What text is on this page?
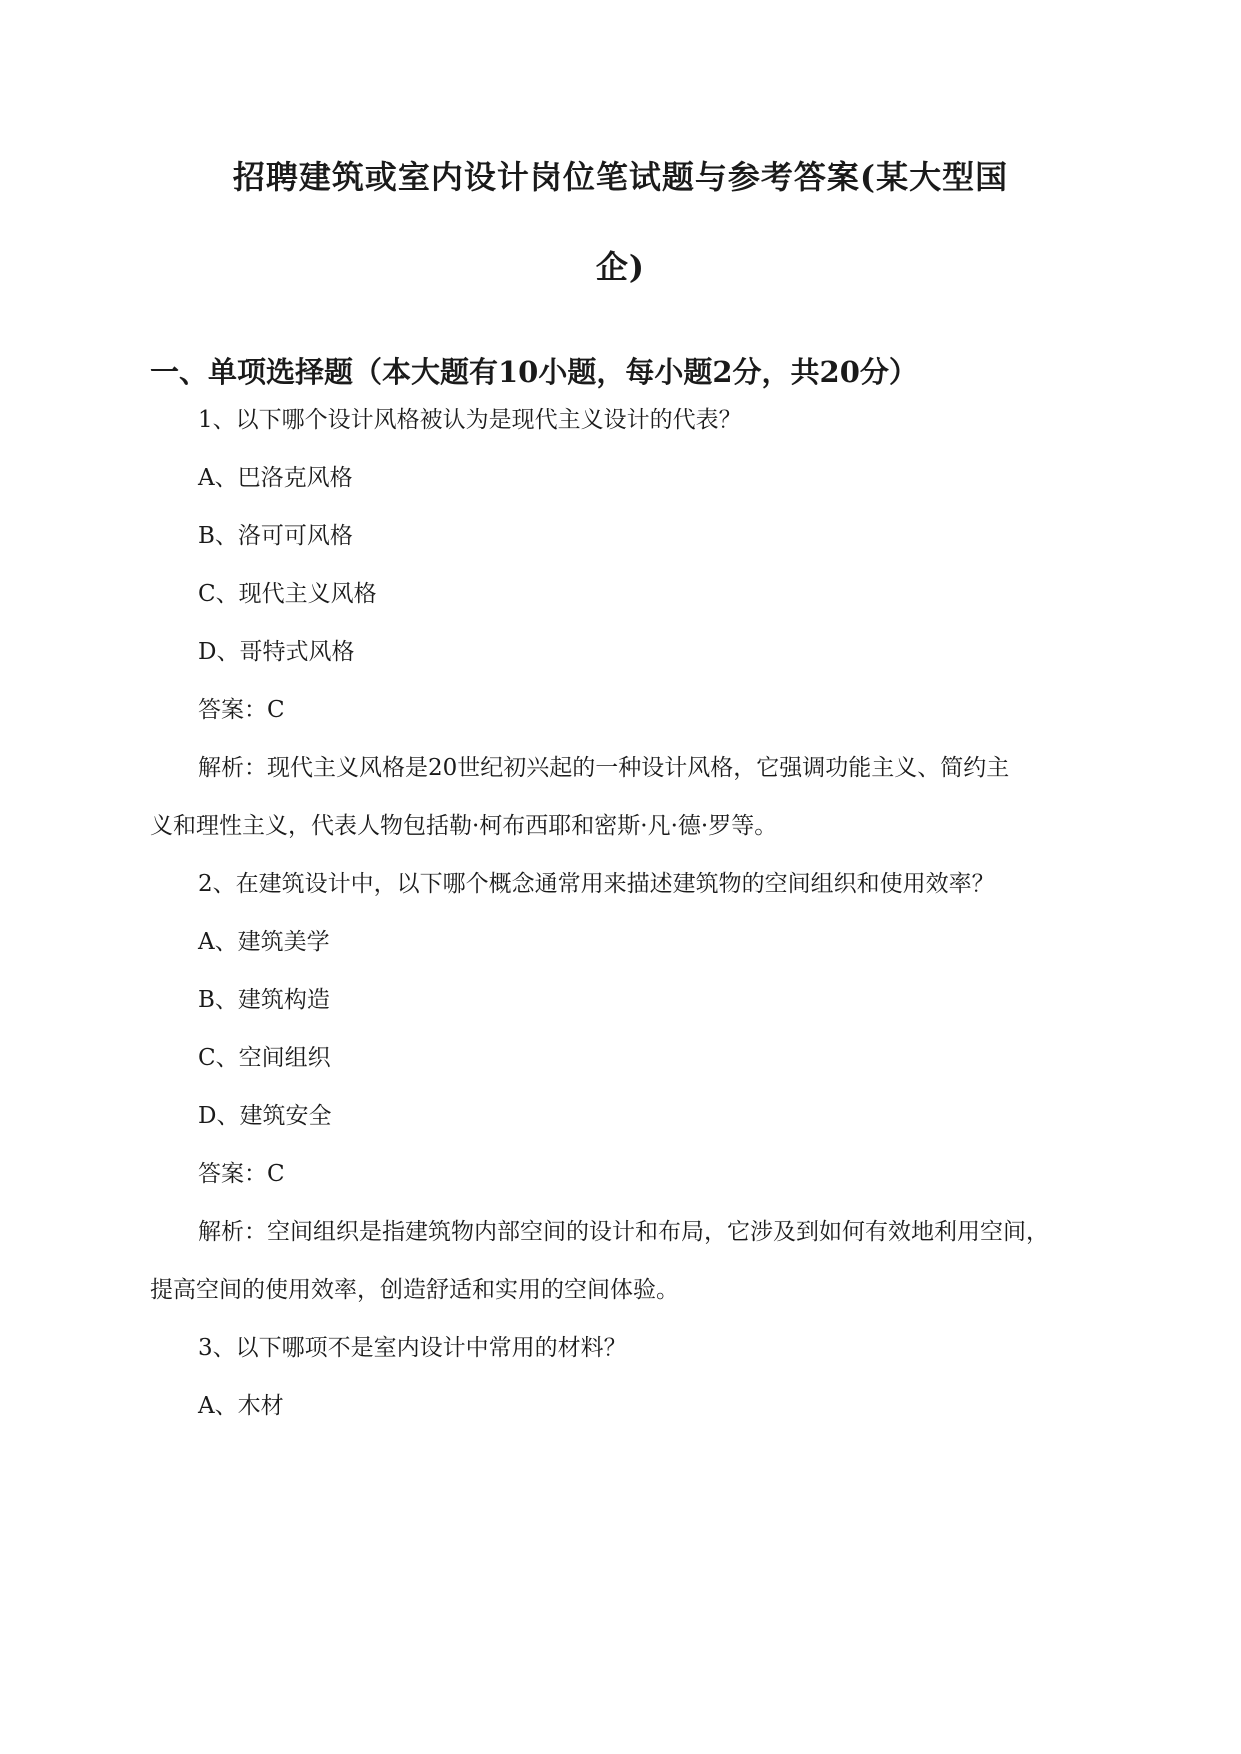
招聘建筑或室内设计岗位笔试题与参考答案(某大型国
企)
一、单项选择题（本大题有10小题，每小题2分，共20分）
1、以下哪个设计风格被认为是现代主义设计的代表？
A、巴洛克风格
B、洛可可风格
C、现代主义风格
D、哥特式风格
答案：C
解析：现代主义风格是20世纪初兴起的一种设计风格，它强调功能主义、简约主
义和理性主义，代表人物包括勒·柯布西耶和密斯·凡·德·罗等。
2、在建筑设计中，以下哪个概念通常用来描述建筑物的空间组织和使用效率？
A、建筑美学
B、建筑构造
C、空间组织
D、建筑安全
答案：C
解析：空间组织是指建筑物内部空间的设计和布局，它涉及到如何有效地利用空间，
提高空间的使用效率，创造舒适和实用的空间体验。
3、以下哪项不是室内设计中常用的材料？
A、木材
